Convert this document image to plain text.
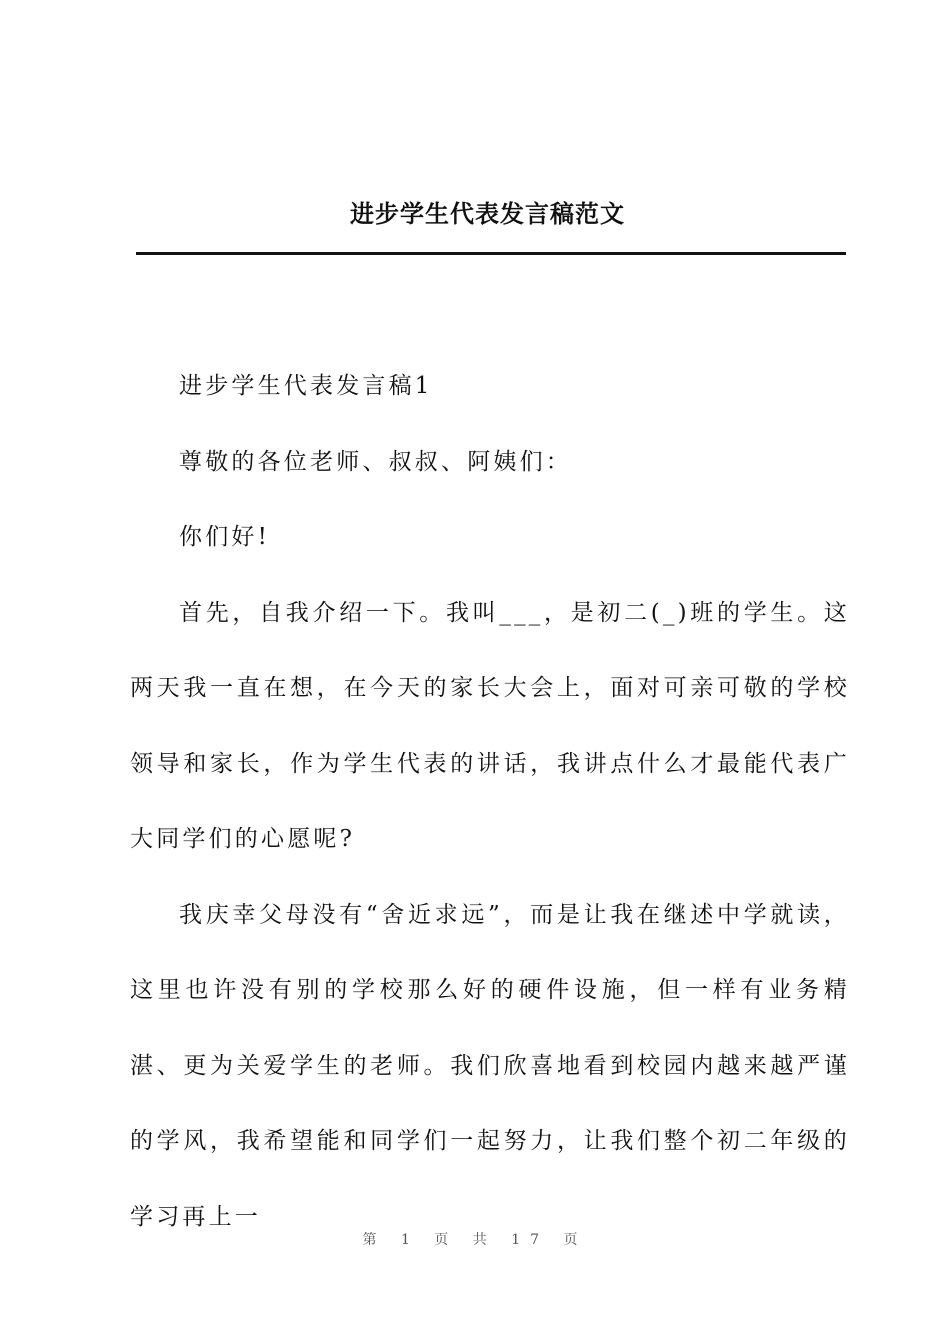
进步学生代表发言稿范文

进步学生代表发言稿1

尊敬的各位老师、叔叔、阿姨们：

你们好!

首先，自我介绍一下。我叫___，是初二(_)班的学生。这两天我一直在想，在今天的家长大会上，面对可亲可敬的学校领导和家长，作为学生代表的讲话，我讲点什么才最能代表广大同学们的心愿呢?

我庆幸父母没有“舍近求远”，而是让我在继述中学就读，这里也许没有别的学校那么好的硬件设施，但一样有业务精湛、更为关爱学生的老师。我们欣喜地看到校园内越来越严谨的学风，我希望能和同学们一起努力，让我们整个初二年级的学习再上一

第 1 页 共 17 页
